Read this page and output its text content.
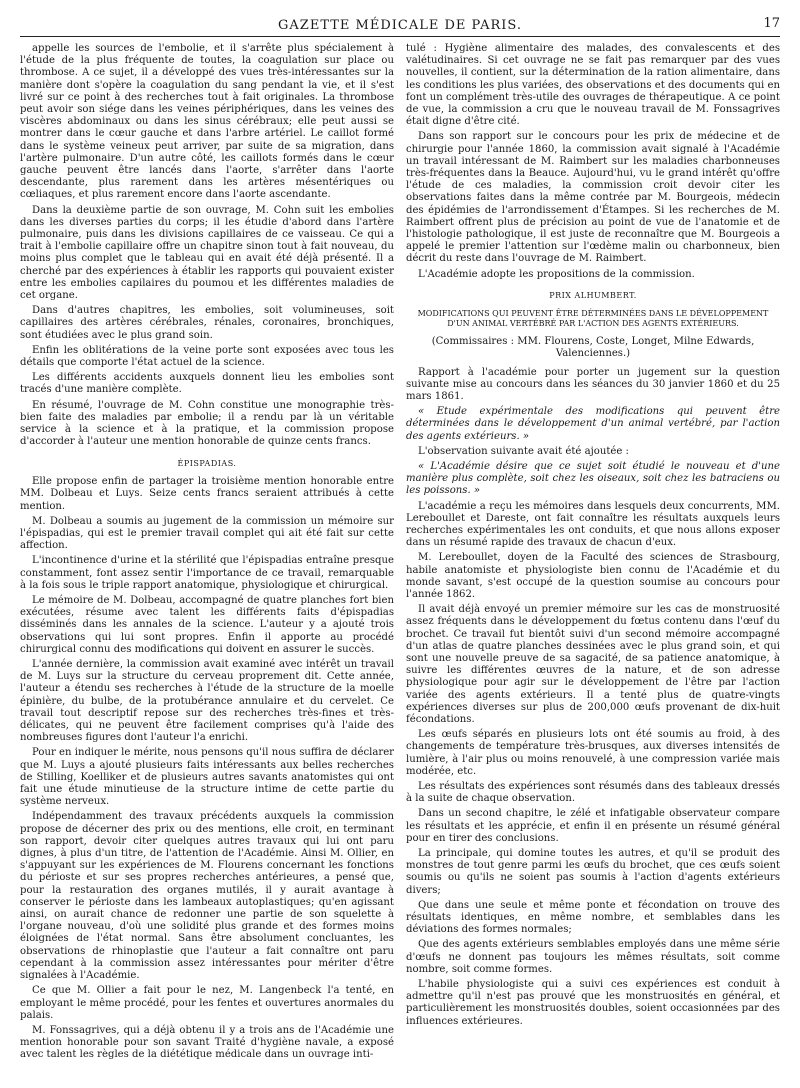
GAZETTE MÉDICALE DE PARIS.	17

appelle les sources de l'embolie, et il s'arrête plus spécialement à l'étude de la plus fréquente de toutes, la coagulation sur place ou thrombose. A ce sujet, il a développé des vues très-intéressantes sur la manière dont s'opère la coagulation du sang pendant la vie, et il s'est livré sur ce point à des recherches tout à fait originales. La thrombose peut avoir son siége dans les veines périphériques, dans les veines des viscères abdominaux ou dans les sinus cérébraux; elle peut aussi se montrer dans le cœur gauche et dans l'arbre artériel. Le caillot formé dans le système veineux peut arriver, par suite de sa migration, dans l'artère pulmonaire. D'un autre côté, les caillots formés dans le cœur gauche peuvent être lancés dans l'aorte, s'arrêter dans l'aorte descendante, plus rarement dans les artères mésentériques ou cœliaques, et plus rarement encore dans l'aorte ascendante.

Dans la deuxième partie de son ouvrage, M. Cohn suit les embolies dans les diverses parties du corps; il les étudie d'abord dans l'artère pulmonaire, puis dans les divisions capillaires de ce vaisseau. Ce qui a trait à l'embolie capillaire offre un chapitre sinon tout à fait nouveau, du moins plus complet que le tableau qui en avait été déjà présenté. Il a cherché par des expériences à établir les rapports qui pouvaient exister entre les embolies capilaires du poumou et les différentes maladies de cet organe.

Dans d'autres chapitres, les embolies, soit volumineuses, soit capillaires des artères cérébrales, rénales, coronaires, bronchiques, sont étudiées avec le plus grand soin.

Enfin les oblitérations de la veine porte sont exposées avec tous les détails que comporte l'état actuel de la science.

Les différents accidents auxquels donnent lieu les embolies sont tracés d'une manière complète.

En résumé, l'ouvrage de M. Cohn constitue une monographie très-bien faite des maladies par embolie; il a rendu par là un véritable service à la science et à la pratique, et la commission propose d'accorder à l'auteur une mention honorable de quinze cents francs.

ÉPISPADIAS.

Elle propose enfin de partager la troisième mention honorable entre MM. Dolbeau et Luys. Seize cents francs seraient attribués à cette mention.

M. Dolbeau a soumis au jugement de la commission un mémoire sur l'épispadias, qui est le premier travail complet qui ait été fait sur cette affection.

L'incontinence d'urine et la stérilité que l'épispadias entraîne presque constamment, font assez sentir l'importance de ce travail, remarquable à la fois sous le triple rapport anatomique, physiologique et chirurgical.

Le mémoire de M. Dolbeau, accompagné de quatre planches fort bien exécutées, résume avec talent les différents faits d'épispadias disséminés dans les annales de la science. L'auteur y a ajouté trois observations qui lui sont propres. Enfin il apporte au procédé chirurgical connu des modifications qui doivent en assurer le succès.

L'année dernière, la commission avait examiné avec intérêt un travail de M. Luys sur la structure du cerveau proprement dit. Cette année, l'auteur a étendu ses recherches à l'étude de la structure de la moelle épinière, du bulbe, de la protubérance annulaire et du cervelet. Ce travail tout descriptif repose sur des recherches très-fines et très-délicates, qui ne peuvent être facilement comprises qu'à l'aide des nombreuses figures dont l'auteur l'a enrichi.

Pour en indiquer le mérite, nous pensons qu'il nous suffira de déclarer que M. Luys a ajouté plusieurs faits intéressants aux belles recherches de Stilling, Koelliker et de plusieurs autres savants anatomistes qui ont fait une étude minutieuse de la structure intime de cette partie du système nerveux.

Indépendamment des travaux précédents auxquels la commission propose de décerner des prix ou des mentions, elle croit, en terminant son rapport, devoir citer quelques autres travaux qui lui ont paru dignes, à plus d'un titre, de l'attention de l'Académie. Ainsi M. Ollier, en s'appuyant sur les expériences de M. Flourens concernant les fonctions du périoste et sur ses propres recherches antérieures, a pensé que, pour la restauration des organes mutilés, il y aurait avantage à conserver le périoste dans les lambeaux autoplastiques; qu'en agissant ainsi, on aurait chance de redonner une partie de son squelette à l'organe nouveau, d'où une solidité plus grande et des formes moins éloignées de l'état normal. Sans être absolument concluantes, les observations de rhinoplastie que l'auteur a fait connaître ont paru cependant à la commission assez intéressantes pour mériter d'être signalées à l'Académie.

Ce que M. Ollier a fait pour le nez, M. Langenbeck l'a tenté, en employant le même procédé, pour les fentes et ouvertures anormales du palais.

M. Fonssagrives, qui a déjà obtenu il y a trois ans de l'Académie une mention honorable pour son savant Traité d'hygiène navale, a exposé avec talent les règles de la diététique médicale dans un ouvrage inti-

tulé : Hygiène alimentaire des malades, des convalescents et des valétudinaires. Si cet ouvrage ne se fait pas remarquer par des vues nouvelles, il contient, sur la détermination de la ration alimentaire, dans les conditions les plus variées, des observations et des documents qui en font un complément très-utile des ouvrages de thérapeutique. A ce point de vue, la commission a cru que le nouveau travail de M. Fonssagrives était digne d'être cité.

Dans son rapport sur le concours pour les prix de médecine et de chirurgie pour l'année 1860, la commission avait signalé à l'Académie un travail intéressant de M. Raimbert sur les maladies charbonneuses très-fréquentes dans la Beauce. Aujourd'hui, vu le grand intérêt qu'offre l'étude de ces maladies, la commission croit devoir citer les observations faites dans la même contrée par M. Bourgeois, médecin des épidémies de l'arrondissement d'Étampes. Si les recherches de M. Raimbert offrent plus de précision au point de vue de l'anatomie et de l'histologie pathologique, il est juste de reconnaître que M. Bourgeois a appelé le premier l'attention sur l'œdème malin ou charbonneux, bien décrit du reste dans l'ouvrage de M. Raimbert.

L'Académie adopte les propositions de la commission.

PRIX ALHUMBERT.
MODIFICATIONS QUI PEUVENT ÊTRE DÉTERMINÉES DANS LE DÉVELOPPEMENT D'UN ANIMAL VERTÉBRÉ PAR L'ACTION DES AGENTS EXTÉRIEURS.
(Commissaires : MM. Flourens, Coste, Longet, Milne Edwards, Valenciennes.)

Rapport à l'académie pour porter un jugement sur la question suivante mise au concours dans les séances du 30 janvier 1860 et du 25 mars 1861.

« Etude expérimentale des modifications qui peuvent être déterminées dans le développement d'un animal vertébré, par l'action des agents extérieurs. »

L'observation suivante avait été ajoutée :

« L'Académie désire que ce sujet soit étudié le nouveau et d'une manière plus complète, soit chez les oiseaux, soit chez les batraciens ou les poissons. »

L'académie a reçu les mémoires dans lesquels deux concurrents, MM. Lereboullet et Dareste, ont fait connaître les résultats auxquels leurs recherches expérimentales les ont conduits, et que nous allons exposer dans un résumé rapide des travaux de chacun d'eux.

M. Lereboullet, doyen de la Faculté des sciences de Strasbourg, habile anatomiste et physiologiste bien connu de l'Académie et du monde savant, s'est occupé de la question soumise au concours pour l'année 1862.

Il avait déjà envoyé un premier mémoire sur les cas de monstruosité assez fréquents dans le développement du fœtus contenu dans l'œuf du brochet. Ce travail fut bientôt suivi d'un second mémoire accompagné d'un atlas de quatre planches dessinées avec le plus grand soin, et qui sont une nouvelle preuve de sa sagacité, de sa patience anatomique, à suivre les différentes œuvres de la nature, et de son adresse physiologique pour agir sur le développement de l'être par l'action variée des agents extérieurs. Il a tenté plus de quatre-vingts expériences diverses sur plus de 200,000 œufs provenant de dix-huit fécondations.

Les œufs séparés en plusieurs lots ont été soumis au froid, à des changements de température très-brusques, aux diverses intensités de lumière, à l'air plus ou moins renouvelé, à une compression variée mais modérée, etc.

Les résultats des expériences sont résumés dans des tableaux dressés à la suite de chaque observation.

Dans un second chapitre, le zélé et infatigable observateur compare les résultats et les apprécie, et enfin il en présente un résumé général pour en tirer des conclusions.

La principale, qui domine toutes les autres, et qu'il se produit des monstres de tout genre parmi les œufs du brochet, que ces œufs soient soumis ou qu'ils ne soient pas soumis à l'action d'agents extérieurs divers;

Que dans une seule et même ponte et fécondation on trouve des résultats identiques, en même nombre, et semblables dans les déviations des formes normales;

Que des agents extérieurs semblables employés dans une même série d'œufs ne donnent pas toujours les mêmes résultats, soit comme nombre, soit comme formes.

L'habile physiologiste qui a suivi ces expériences est conduit à admettre qu'il n'est pas prouvé que les monstruosités en général, et particulièrement les monstruosités doubles, soient occasionnées par des influences extérieures.
